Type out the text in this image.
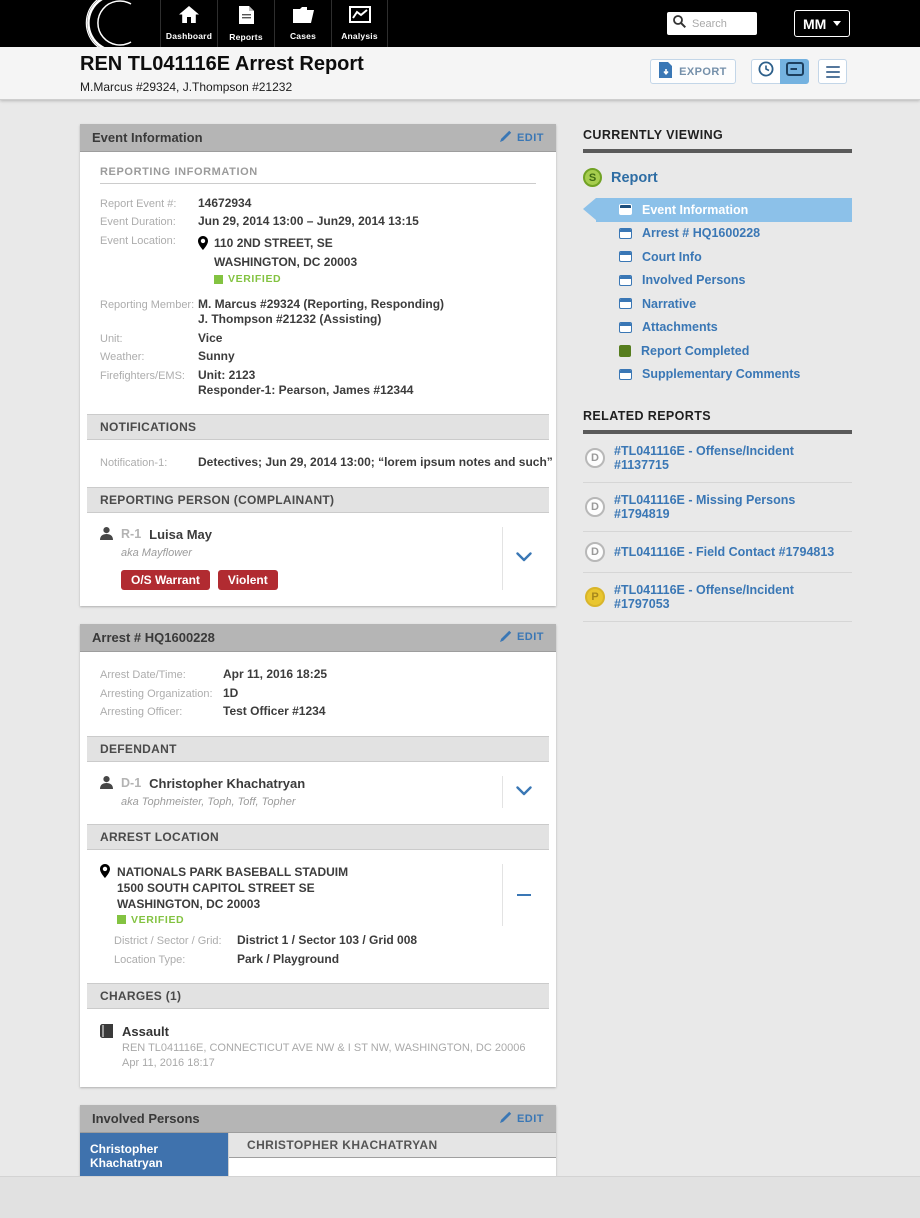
Dashboard Reports	Cases	Analysis
Search
MM
REN TL041116E Arrest Report
M.Marcus #29324, J.Thompson #21232
EXPORT
Event Information	EDIT
REPORTING INFORMATION
Report Event #:	14672934
Event Duration:	Jun 29, 2014 13:00 – Jun29, 2014 13:15
Event Location:	110 2ND STREET, SE
WASHINGTON, DC 20003
VERIFIED
Reporting Member: M. Marcus #29324 (Reporting, Responding)
J. Thompson #21232 (Assisting)
Unit:	Vice
Weather:	Sunny
Firefighters/EMS:	Unit: 2123
Responder-1: Pearson, James #12344
NOTIFICATIONS
Notification-1:	Detectives; Jun 29, 2014 13:00; “lorem ipsum notes and such”
REPORTING PERSON (COMPLAINANT)
R-1 Luisa May
aka Mayflower
O/S Warrant	Violent
Arrest # HQ1600228	EDIT
Arrest Date/Time:	Apr 11, 2016 18:25
Arresting Organization: 1D
Arresting Officer:	Test Officer #1234
DEFENDANT
D-1 Christopher Khachatryan
aka Tophmeister, Toph, Toff, Topher
ARREST LOCATION
NATIONALS PARK BASEBALL STADUIM
1500 SOUTH CAPITOL STREET SE
WASHINGTON, DC 20003
VERIFIED
District / Sector / Grid:	District 1 / Sector 103 / Grid 008
Location Type:	Park / Playground
CHARGES (1)
Assault
REN TL041116E, CONNECTICUT AVE NW & I ST NW, WASHINGTON, DC 20006
Apr 11, 2016 18:17
Involved Persons	EDIT
Christopher Khachatryan
CHRISTOPHER KHACHATRYAN
CURRENTLY VIEWING
S	Report
Event Information
Arrest # HQ1600228
Court Info
Involved Persons
Narrative
Attachments
Report Completed
Supplementary Comments
RELATED REPORTS
D	#TL041116E - Offense/Incident #1137715
D	#TL041116E - Missing Persons #1794819
D	#TL041116E - Field Contact #1794813
P	#TL041116E - Offense/Incident #1797053
